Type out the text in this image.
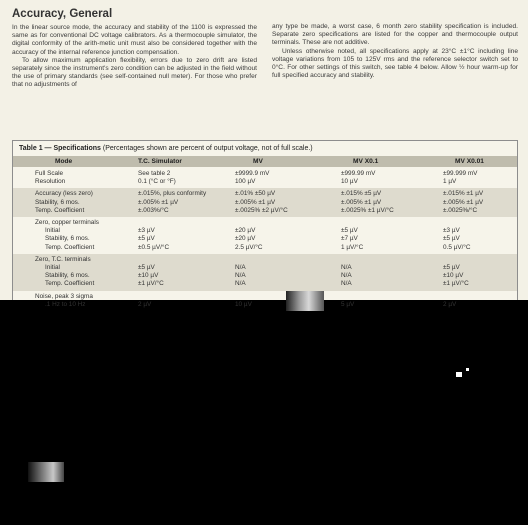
Accuracy, General

In the linear source mode, the accuracy and stability of the 1100 is expressed the same as for conventional DC voltage calibrators. As a thermocouple simulator, the digital conformity of the arith-metic unit must also be considered together with the accuracy of the internal reference junction compensation.

To allow maximum application flexibility, errors due to zero drift are listed separately since the instrument's zero condition can be adjusted in the field without the use of primary standards (see self-contained null meter). For those who prefer that no adjustments of

any type be made, a worst case, 6 month zero stability specification is included. Separate zero specifications are listed for the copper and thermocouple output terminals. These are not additive.

Unless otherwise noted, all specifications apply at 23°C ±1°C including line voltage variations from 105 to 125V rms and the reference selector switch set to 0°C. For other settings of this switch, see table 4 below. Allow ½ hour warm-up for full specified accuracy and stability.

Table 1 — Specifications (Percentages shown are percent of output voltage, not of full scale.)
Mode	T.C. Simulator	MV	MV X0.1	MV X0.01
Full Scale	See table 2	±9999.9 mV	±999.99 mV	±99.999 mV
Resolution	0.1 (°C or °F)	100 µV	10 µV	1 µV
Accuracy (less zero)	±.015%, plus conformity	±.01% ±50 µV	±.015% ±5 µV	±.015% ±1 µV
Stability, 6 mos.	±.005% ±1 µV	±.005% ±1 µV	±.005% ±1 µV	±.005% ±1 µV
Temp. Coefficient	±.003%/°C	±.0025% ±2 µV/°C	±.0025% ±1 µV/°C	±.0025%/°C
Zero, copper terminals
Initial	±3 µV	±20 µV	±5 µV	±3 µV
Stability, 6 mos.	±5 µV	±20 µV	±7 µV	±5 µV
Temp. Coefficient	±0.5 µV/°C	2.5 µV/°C	1 µV/°C	0.5 µV/°C
Zero, T.C. terminals
Initial	±5 µV	N/A	N/A	±5 µV
Stability, 6 mos.	±10 µV	N/A	N/A	±10 µV
Temp. Coefficient	±1 µV/°C	N/A	N/A	±1 µV/°C
Noise, peak 3 sigma
.1 Hz to 10 Hz	2 µV	10 µV	5 µV	2 µV
